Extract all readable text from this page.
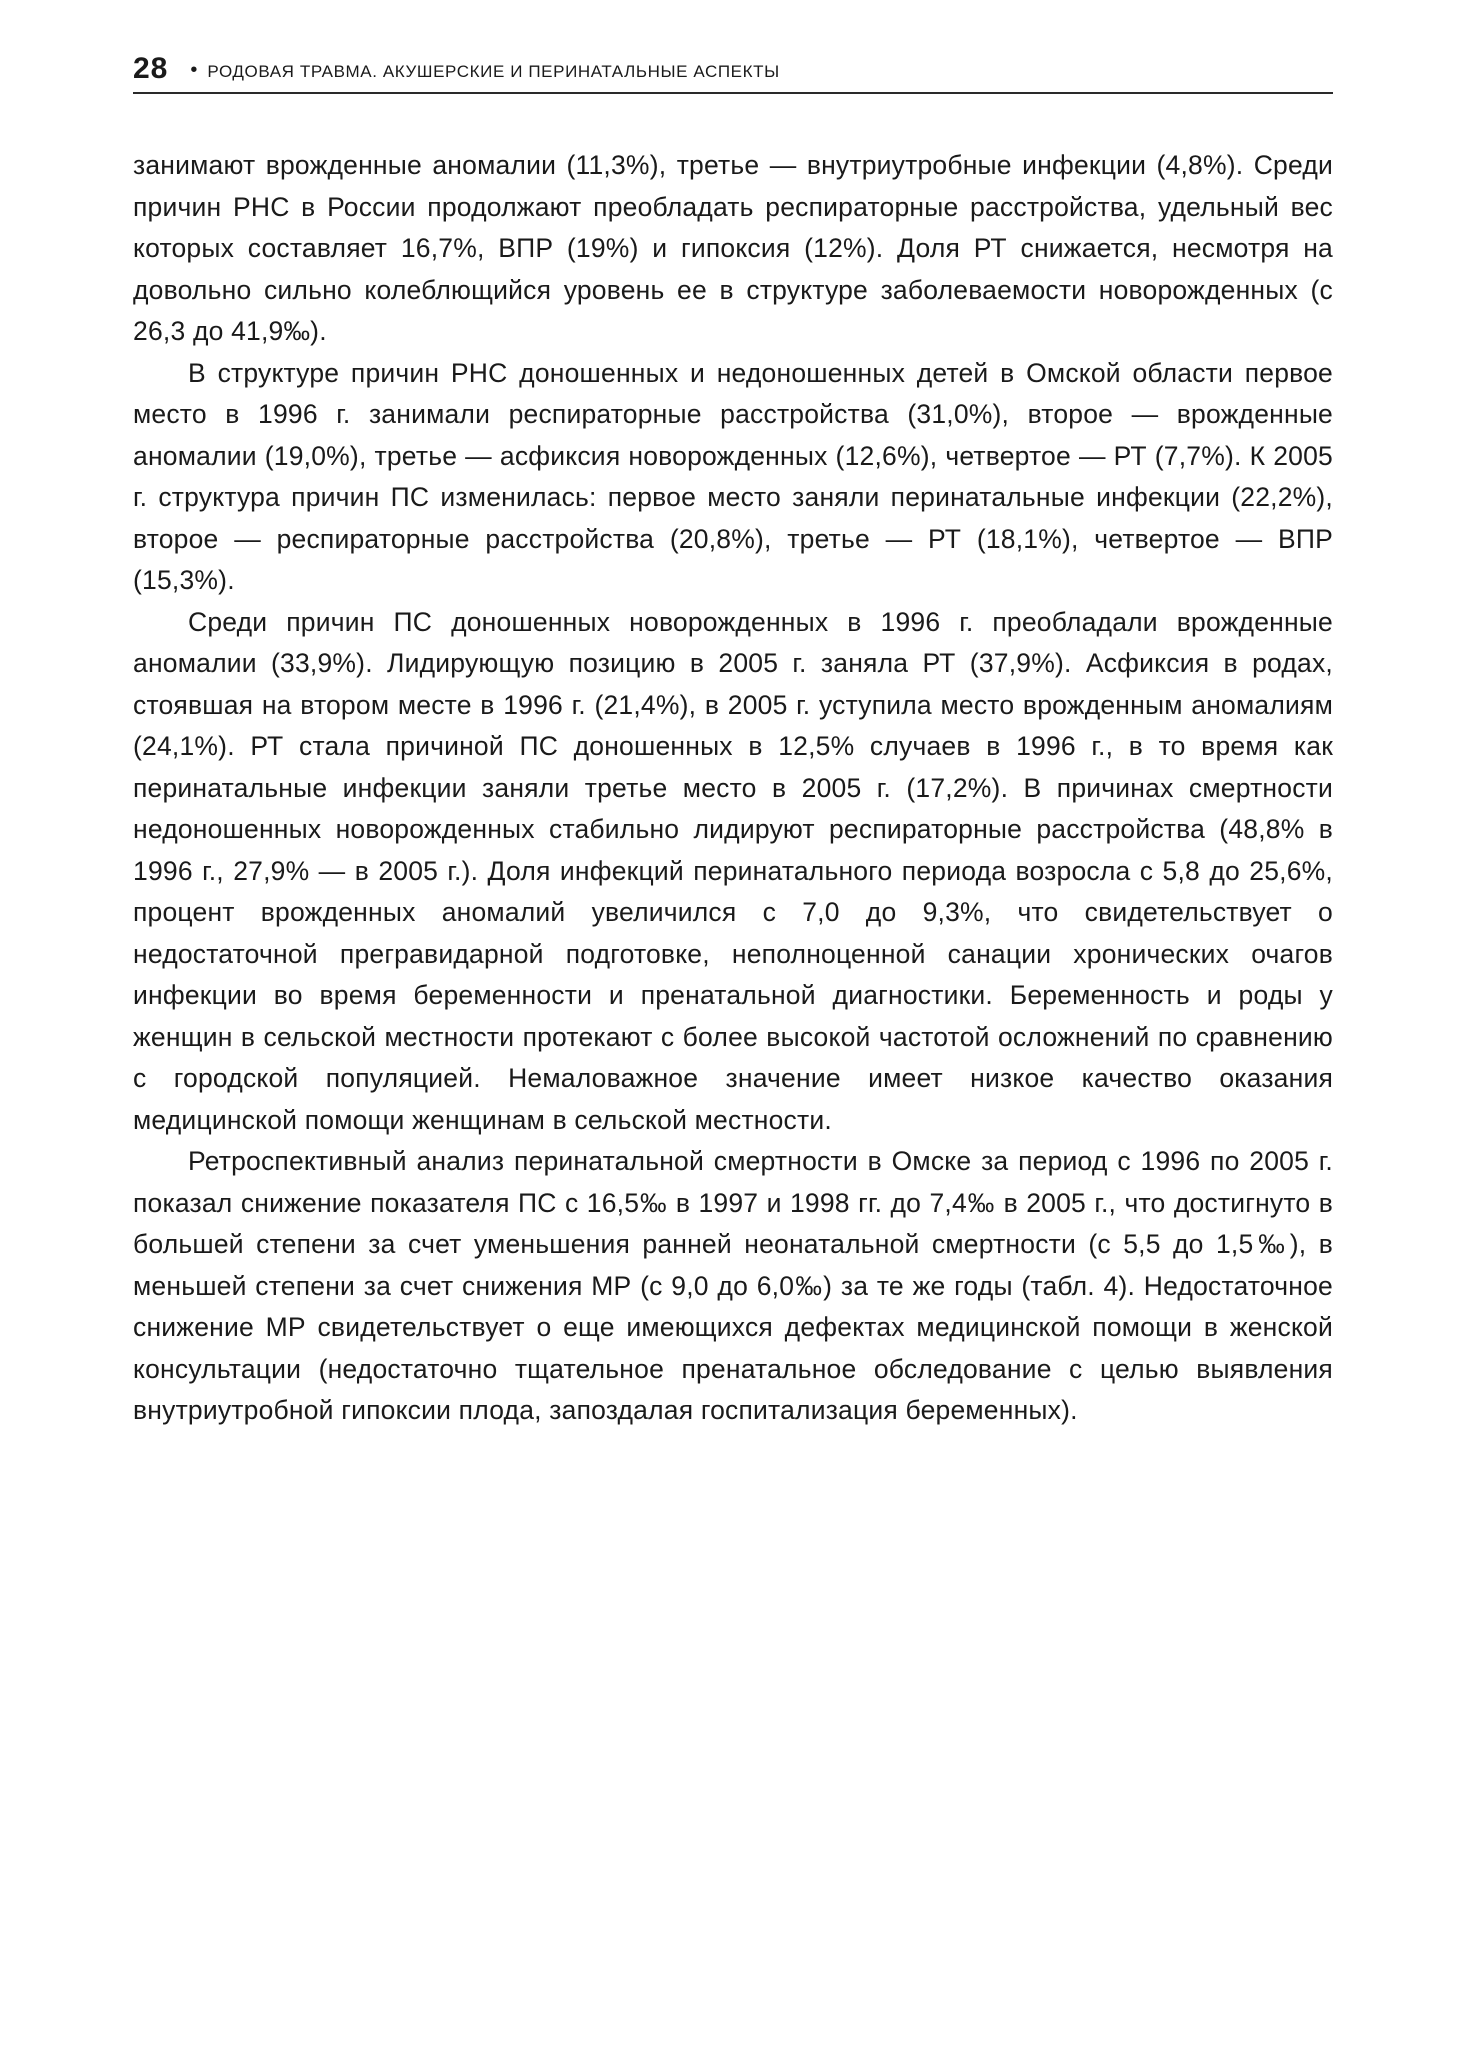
28 • РОДОВАЯ ТРАВМА. АКУШЕРСКИЕ И ПЕРИНАТАЛЬНЫЕ АСПЕКТЫ

занимают врожденные аномалии (11,3%), третье — внутриутробные инфекции (4,8%). Среди причин РНС в России продолжают преобладать респираторные расстройства, удельный вес которых составляет 16,7%, ВПР (19%) и гипоксия (12%). Доля РТ снижается, несмотря на довольно сильно колеблющийся уровень ее в структуре заболеваемости новорожденных (с 26,3 до 41,9‰).

В структуре причин РНС доношенных и недоношенных детей в Омской области первое место в 1996 г. занимали респираторные расстройства (31,0%), второе — врожденные аномалии (19,0%), третье — асфиксия новорожденных (12,6%), четвертое — РТ (7,7%). К 2005 г. структура причин ПС изменилась: первое место заняли перинатальные инфекции (22,2%), второе — респираторные расстройства (20,8%), третье — РТ (18,1%), четвертое — ВПР (15,3%).

Среди причин ПС доношенных новорожденных в 1996 г. преобладали врожденные аномалии (33,9%). Лидирующую позицию в 2005 г. заняла РТ (37,9%). Асфиксия в родах, стоявшая на втором месте в 1996 г. (21,4%), в 2005 г. уступила место врожденным аномалиям (24,1%). РТ стала причиной ПС доношенных в 12,5% случаев в 1996 г., в то время как перинатальные инфекции заняли третье место в 2005 г. (17,2%). В причинах смертности недоношенных новорожденных стабильно лидируют респираторные расстройства (48,8% в 1996 г., 27,9% — в 2005 г.). Доля инфекций перинатального периода возросла с 5,8 до 25,6%, процент врожденных аномалий увеличился с 7,0 до 9,3%, что свидетельствует о недостаточной прегравидарной подготовке, неполноценной санации хронических очагов инфекции во время беременности и пренатальной диагностики. Беременность и роды у женщин в сельской местности протекают с более высокой частотой осложнений по сравнению с городской популяцией. Немаловажное значение имеет низкое качество оказания медицинской помощи женщинам в сельской местности.

Ретроспективный анализ перинатальной смертности в Омске за период с 1996 по 2005 г. показал снижение показателя ПС с 16,5‰ в 1997 и 1998 гг. до 7,4‰ в 2005 г., что достигнуто в большей степени за счет уменьшения ранней неонатальной смертности (с 5,5 до 1,5‰), в меньшей степени за счет снижения МР (с 9,0 до 6,0‰) за те же годы (табл. 4). Недостаточное снижение МР свидетельствует о еще имеющихся дефектах медицинской помощи в женской консультации (недостаточно тщательное пренатальное обследование с целью выявления внутриутробной гипоксии плода, запоздалая госпитализация беременных).
